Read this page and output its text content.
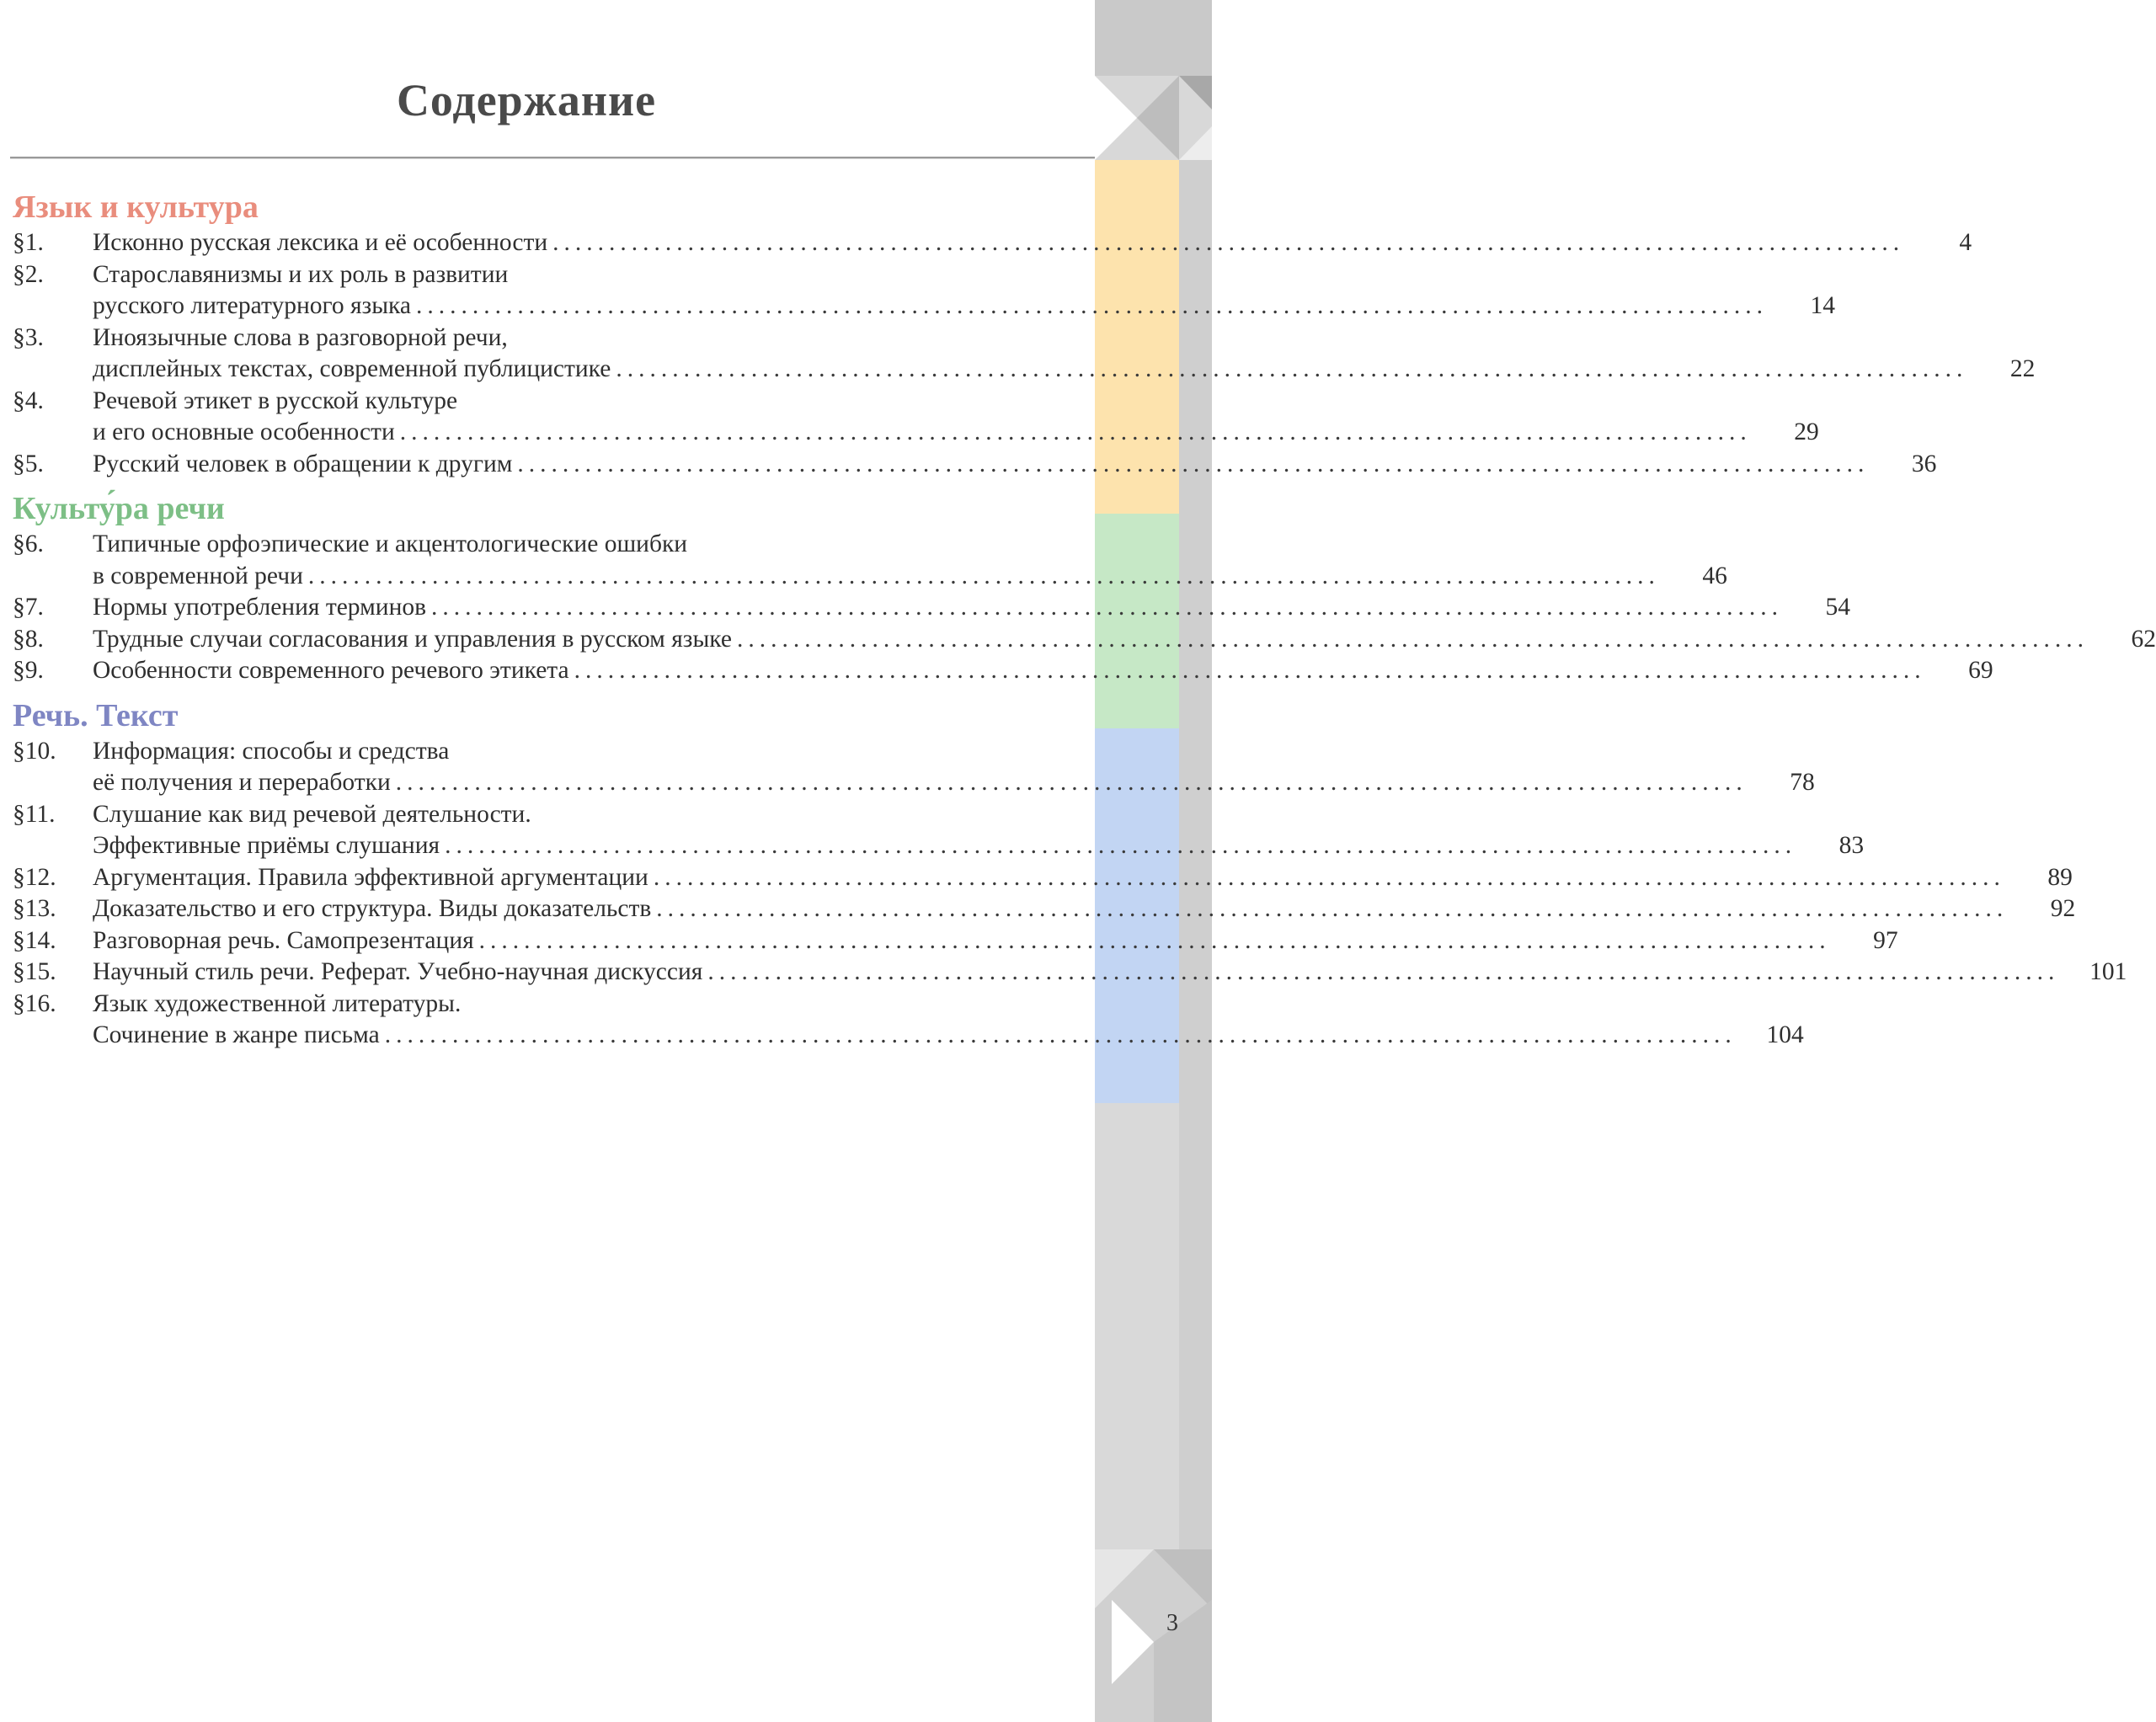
Содержание
Язык и культура
§1. Исконно русская лексика и её особенности ........................................................................................................................	4
§2. Старославянизмы и их роль в развитии
русского литературного языка ........................................................................................................................	14
§3. Иноязычные слова в разговорной речи,
дисплейных текстах, современной публицистике ........................................................................................................................	22
§4. Речевой этикет в русской культуре
и его основные особенности ........................................................................................................................	29
§5. Русский человек в обращении к другим ........................................................................................................................	36
Культу́ра речи
§6. Типичные орфоэпические и акцентологические ошибки
в современной речи ........................................................................................................................	46
§7. Нормы употребления терминов ........................................................................................................................	54
§8. Трудные случаи согласования и управления в русском языке ........................................................................................................................	62
§9. Особенности современного речевого этикета ........................................................................................................................	69
Речь. Текст
§10. Информация: способы и средства
её получения и переработки ........................................................................................................................	78
§11. Слушание как вид речевой деятельности.
Эффективные приёмы слушания ........................................................................................................................	83
§12. Аргументация. Правила эффективной аргументации ........................................................................................................................	89
§13. Доказательство и его структура. Виды доказательств ........................................................................................................................	92
§14. Разговорная речь. Самопрезентация ........................................................................................................................	97
§15. Научный стиль речи. Реферат. Учебно-научная дискуссия ........................................................................................................................	101
§16. Язык художественной литературы.
Сочинение в жанре письма ........................................................................................................................	104
3
